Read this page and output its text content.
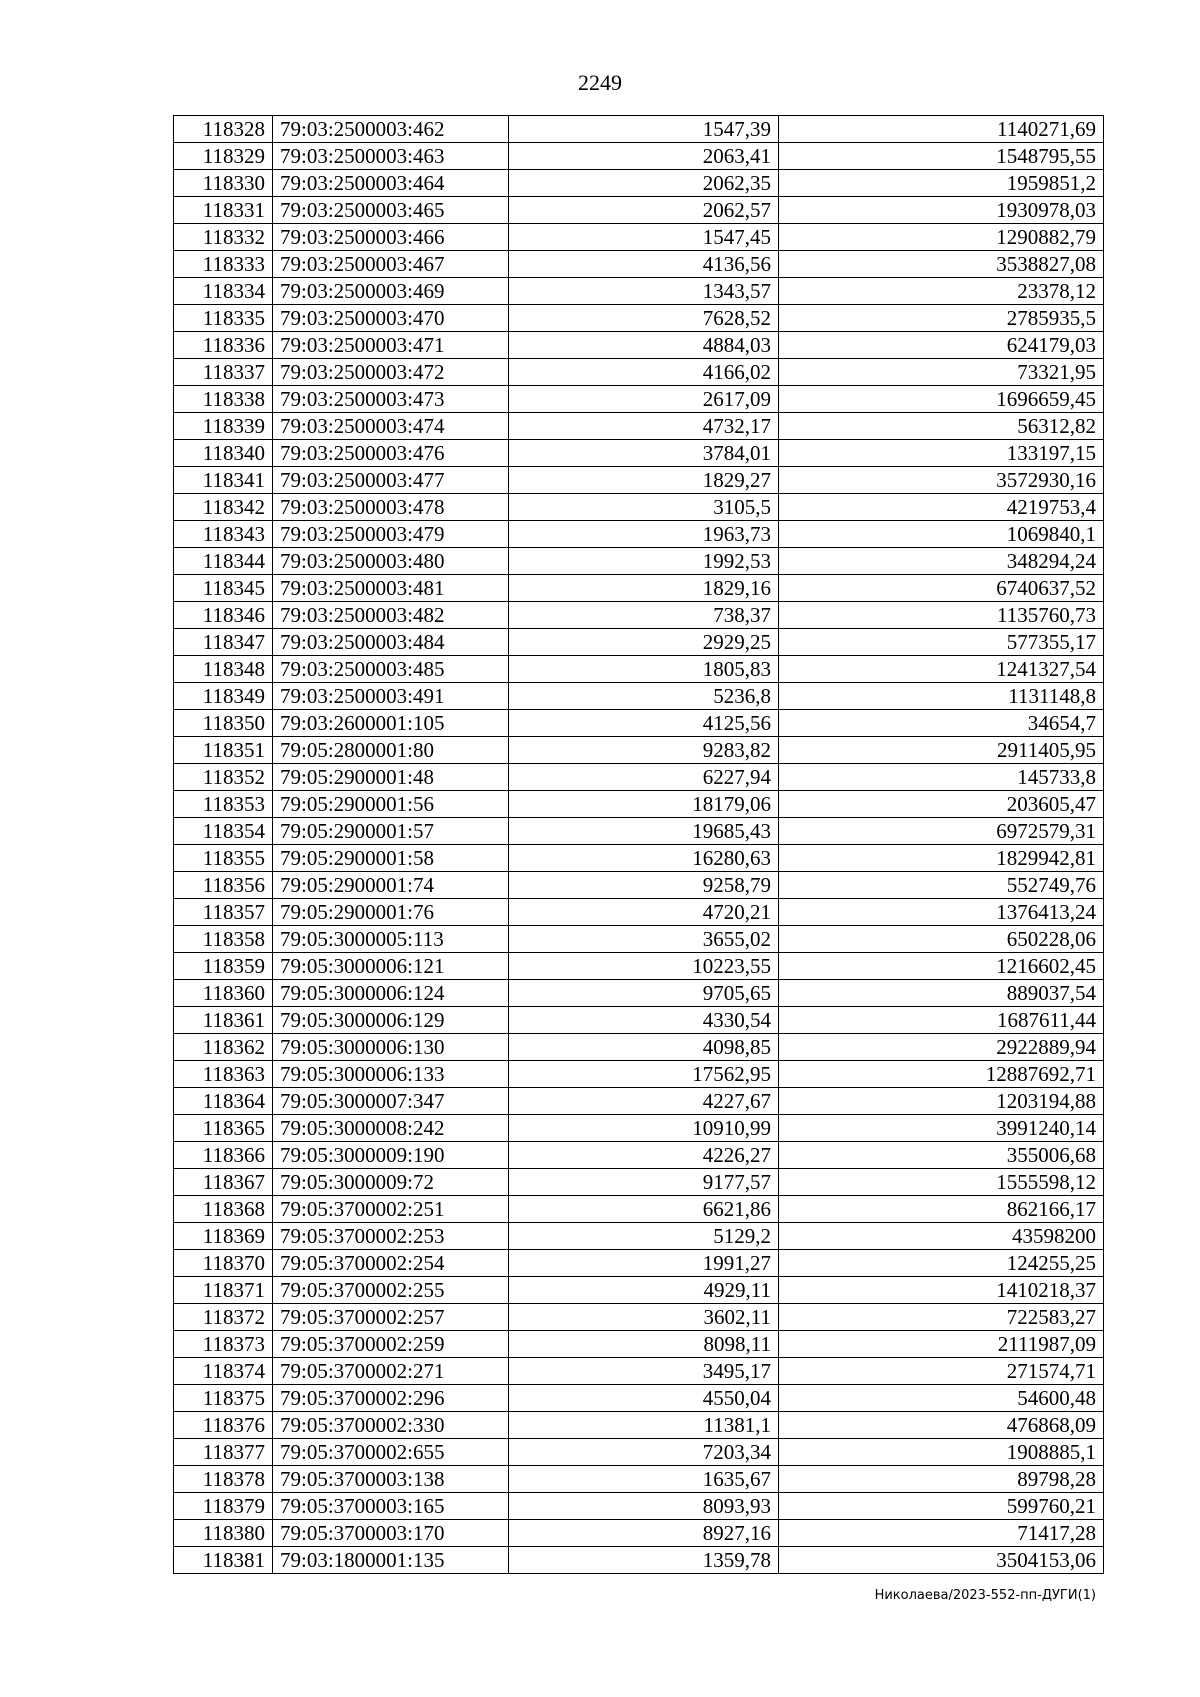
2249
118328	79:03:2500003:462	1547,39	1140271,69
118329	79:03:2500003:463	2063,41	1548795,55
118330	79:03:2500003:464	2062,35	1959851,2
118331	79:03:2500003:465	2062,57	1930978,03
118332	79:03:2500003:466	1547,45	1290882,79
118333	79:03:2500003:467	4136,56	3538827,08
118334	79:03:2500003:469	1343,57	23378,12
118335	79:03:2500003:470	7628,52	2785935,5
118336	79:03:2500003:471	4884,03	624179,03
118337	79:03:2500003:472	4166,02	73321,95
118338	79:03:2500003:473	2617,09	1696659,45
118339	79:03:2500003:474	4732,17	56312,82
118340	79:03:2500003:476	3784,01	133197,15
118341	79:03:2500003:477	1829,27	3572930,16
118342	79:03:2500003:478	3105,5	4219753,4
118343	79:03:2500003:479	1963,73	1069840,1
118344	79:03:2500003:480	1992,53	348294,24
118345	79:03:2500003:481	1829,16	6740637,52
118346	79:03:2500003:482	738,37	1135760,73
118347	79:03:2500003:484	2929,25	577355,17
118348	79:03:2500003:485	1805,83	1241327,54
118349	79:03:2500003:491	5236,8	1131148,8
118350	79:03:2600001:105	4125,56	34654,7
118351	79:05:2800001:80	9283,82	2911405,95
118352	79:05:2900001:48	6227,94	145733,8
118353	79:05:2900001:56	18179,06	203605,47
118354	79:05:2900001:57	19685,43	6972579,31
118355	79:05:2900001:58	16280,63	1829942,81
118356	79:05:2900001:74	9258,79	552749,76
118357	79:05:2900001:76	4720,21	1376413,24
118358	79:05:3000005:113	3655,02	650228,06
118359	79:05:3000006:121	10223,55	1216602,45
118360	79:05:3000006:124	9705,65	889037,54
118361	79:05:3000006:129	4330,54	1687611,44
118362	79:05:3000006:130	4098,85	2922889,94
118363	79:05:3000006:133	17562,95	12887692,71
118364	79:05:3000007:347	4227,67	1203194,88
118365	79:05:3000008:242	10910,99	3991240,14
118366	79:05:3000009:190	4226,27	355006,68
118367	79:05:3000009:72	9177,57	1555598,12
118368	79:05:3700002:251	6621,86	862166,17
118369	79:05:3700002:253	5129,2	43598200
118370	79:05:3700002:254	1991,27	124255,25
118371	79:05:3700002:255	4929,11	1410218,37
118372	79:05:3700002:257	3602,11	722583,27
118373	79:05:3700002:259	8098,11	2111987,09
118374	79:05:3700002:271	3495,17	271574,71
118375	79:05:3700002:296	4550,04	54600,48
118376	79:05:3700002:330	11381,1	476868,09
118377	79:05:3700002:655	7203,34	1908885,1
118378	79:05:3700003:138	1635,67	89798,28
118379	79:05:3700003:165	8093,93	599760,21
118380	79:05:3700003:170	8927,16	71417,28
118381	79:03:1800001:135	1359,78	3504153,06
Николаева/2023-552-пп-ДУГИ(1)
